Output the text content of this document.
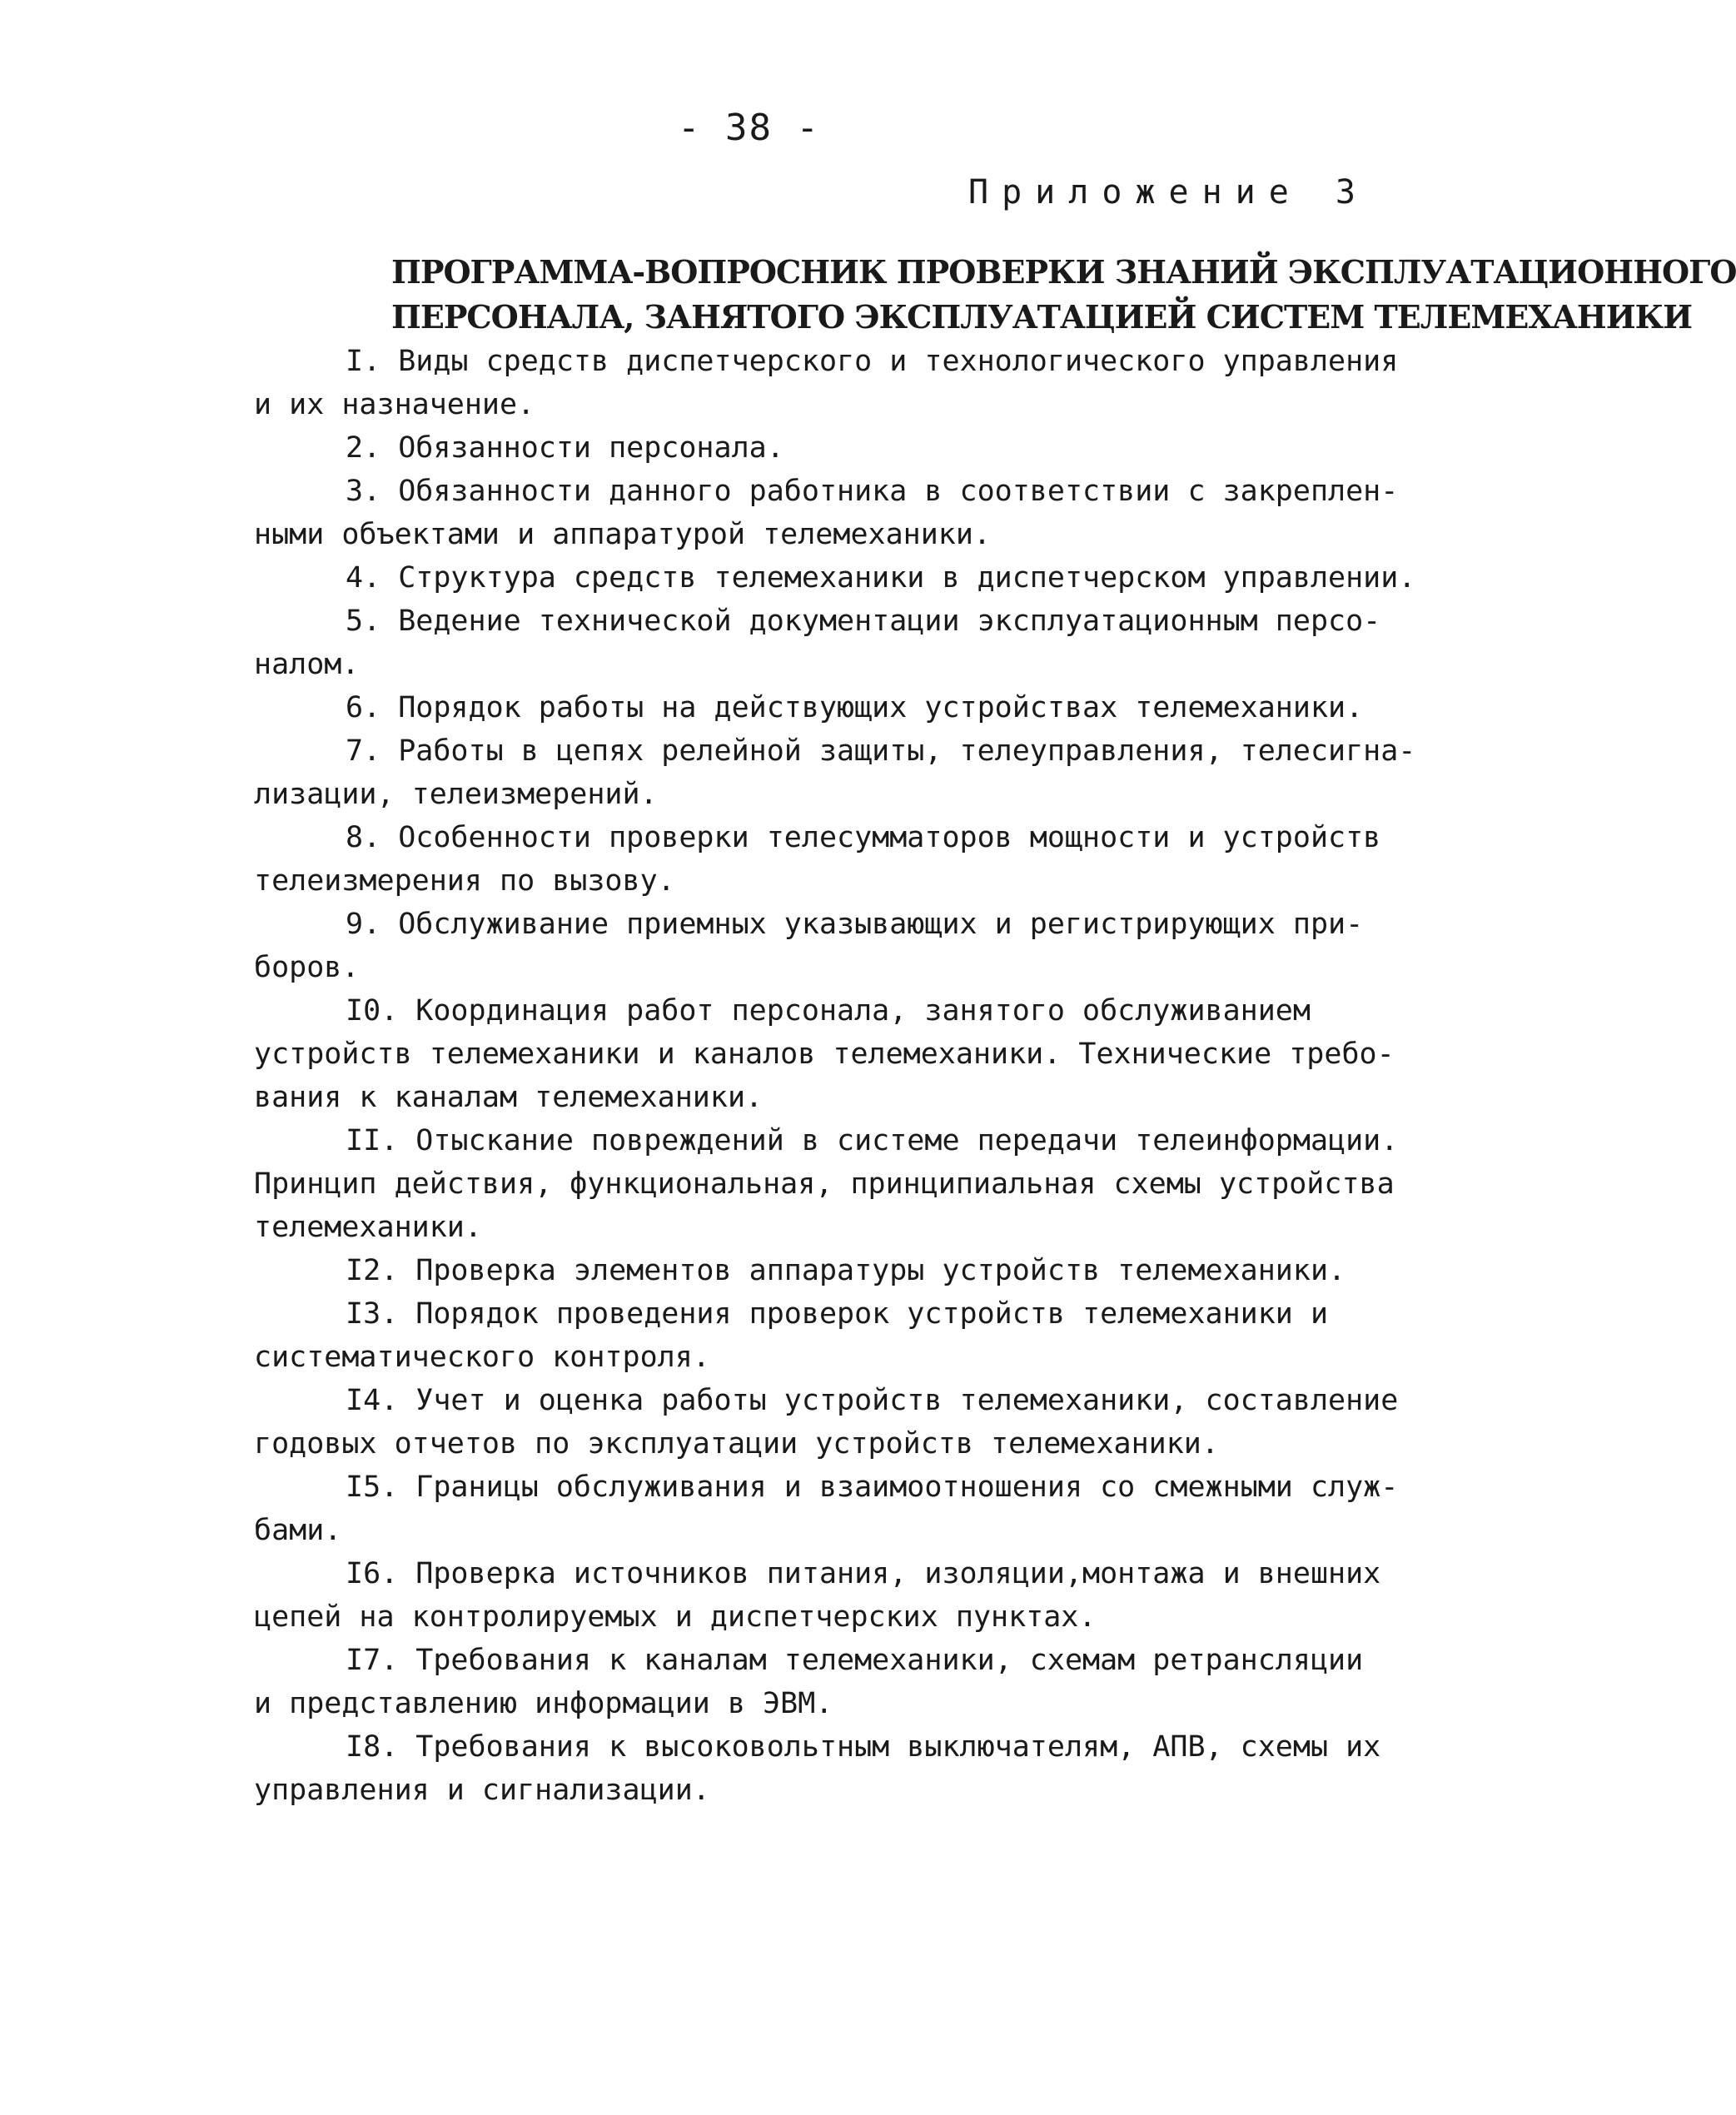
- 38 -
Приложение 3
ПРОГРАММА-ВОПРОСНИК ПРОВЕРКИ ЗНАНИЙ ЭКСПЛУАТАЦИОННОГО
ПЕРСОНАЛА, ЗАНЯТОГО ЭКСПЛУАТАЦИЕЙ СИСТЕМ ТЕЛЕМЕХАНИКИ
I. Виды средств диспетчерского и технологического управления
и их назначение.
2. Обязанности персонала.
3. Обязанности данного работника в соответствии с закреплен-
ными объектами и аппаратурой телемеханики.
4. Структура средств телемеханики в диспетчерском управлении.
5. Ведение технической документации эксплуатационным персо-
налом.
6. Порядок работы на действующих устройствах телемеханики.
7. Работы в цепях релейной защиты, телеуправления, телесигна-
лизации, телеизмерений.
8. Особенности проверки телесумматоров мощности и устройств
телеизмерения по вызову.
9. Обслуживание приемных указывающих и регистрирующих при-
боров.
I0. Координация работ персонала, занятого обслуживанием
устройств телемеханики и каналов телемеханики. Технические требо-
вания к каналам телемеханики.
II. Отыскание повреждений в системе передачи телеинформации.
Принцип действия, функциональная, принципиальная схемы устройства
телемеханики.
I2. Проверка элементов аппаратуры устройств телемеханики.
I3. Порядок проведения проверок устройств телемеханики и
систематического контроля.
I4. Учет и оценка работы устройств телемеханики, составление
годовых отчетов по эксплуатации устройств телемеханики.
I5. Границы обслуживания и взаимоотношения со смежными служ-
бами.
I6. Проверка источников питания, изоляции,монтажа и внешних
цепей на контролируемых и диспетчерских пунктах.
I7. Требования к каналам телемеханики, схемам ретрансляции
и представлению информации в ЭВМ.
I8. Требования к высоковольтным выключателям, АПВ, схемы их
управления и сигнализации.
